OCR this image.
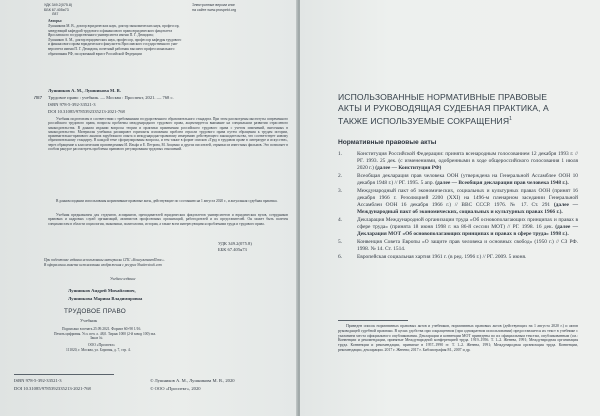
УДК 349.2(075.8)

ББК 67.405я73

Л87

Электронные версии книг

на сайте www.prospekt.org

Авторы:

Лушникова М. В., доктор юридических наук, доктор экономических наук, профессор,

заведующий кафедрой трудового и финансового права юридического факультета

Ярославского государственного университета имени П. Г. Демидова;

Лушников А. М., доктор юридических наук, профессор, профессор кафедры трудового

и финансового права юридического факультета Ярославского государственного уни-

верситета имени П. Г. Демидова, почетный работник высшего профессионального

образования РФ, заслуженный юрист Российской Федерации

Лушников А. М., Лушникова М. В.

Л87 Трудовое право : учебник. — Москва : Проспект, 2021. — 768 с.

ISBN 978-5-392-33521-3

DOI 10.31085/9785392335213-2021-768

Учебник подготовлен в соответствии с требованиями государственного образовательного стандарта. При этом рассмотрены институты современного российского трудового права, вопросы проблемы международного трудового права, акцентируется внимание на специальном развитии отраслевого законодательства. В данном издании вопросы теории и практики применения российского трудового права с учетом изменений, внесенных в законодательство. Материалы учебника расширяют горизонты изложения проблем отрасли трудового права путем обращения к трудам истории, применительно-правового анализа зарубежного опыта и международно-правовому измерению действующего законодательства, что соответствует новому образовательному стандарту. В каждой теме сформулированы вопросы, и тем также в форме списков «Труд в трудовом праве в литературе и искусстве», через обращение к классическим произведениям И. Ильфа и Е. Петрова, М. Зощенко и других писателей, отрывки из известных фильмов. Это позволяет в особом ракурсе рассмотреть проблемы правового регулирования трудовых отношений.

В данном издании использованы нормативные правовые акты, действующие по состоянию на 1 августа 2020 г., и актуальная судебная практика.

Учебник предназначен для студентов, аспирантов, преподавателей юридических факультетов университетов и юридических вузов, сотрудников правовых и кадровых служб организаций, активистов профсоюзных организаций, работодателей и их представителей. Он может быть полезен специалистам в области социологии, экономики, политологии, истории, а также всем интересующимся проблемами труда и трудового права.

УДК 349.2(075.8)

ББК 67.405я73

При подготовке издания использованы материалы СПС «КонсультантПлюс».

В оформлении макета использованы изображения с ресурса Shutterstock.com

Учебное издание

Лушников Андрей Михайлович,

Лушникова Марина Владимировна

ТРУДОВОЕ ПРАВО

Учебник

Подписано в печать 25.09.2021. Формат 60×90 1/16.

Печать цифровая. Усл. печ. л. 48,0. Тираж 1000 (2-й завод 100) экз.

Заказ №

ООО «Проспект»

111020, г. Москва, ул. Боровая, д. 7, стр. 4.

ISBN 978-5-392-33521-3

DOI 10.31085/9785392335213-2021-768

© Лушников А. М., Лушникова М. В., 2020

© ООО «Проспект», 2020

ИСПОЛЬЗОВАННЫЕ НОРМАТИВНЫЕ ПРАВОВЫЕ АКТЫ И РУКОВОДЯЩАЯ СУДЕБНАЯ ПРАКТИКА, А ТАКЖЕ ИСПОЛЬЗУЕМЫЕ СОКРАЩЕНИЯ$^1$

Нормативные правовые акты

1.	Конституция Российской Федерации: принята всенародным голосованием 12 декабря 1993 г. // РГ. 1993. 25 дек. (с изменениями, одобренными в ходе общероссийского голосования 1 июля 2020 г.) (далее — Конституция РФ)
2.	Всеобщая декларация прав человека ООН (утверждена на Генеральной Ассамблее ООН 10 декабря 1948 г.) // РГ. 1995. 5 апр. (далее — Всеобщая декларация прав человека 1948 г.).
3.	Международный пакт об экономических, социальных и культурных правах ООН (принят 16 декабря 1966 г. Резолюцией 2200 (XXI) на 1496-м пленарном заседании Генеральной Ассамблеи ООН 16 декабря 1966 г.) // ВВС СССР. 1976. № 17. Ст. 291 (далее — Международный пакт об экономических, социальных и культурных правах 1966 г.).
4.	Декларация Международной организации труда «Об основополагающих принципах и правах в сфере труда» (принята 18 июня 1998 г. на 86-й сессии МОТ) // РГ. 1998. 16 дек. (далее — Декларация МОТ «Об основополагающих принципах и правах в сфере труда» 1998 г.).
5.	Конвенция Совета Европы «О защите прав человека и основных свобод» (1950 г.) // СЗ РФ. 1998. № 14. Ст. 1514.
6.	Европейская социальная хартия 1961 г. (в ред. 1996 г.) // РГ. 2009. 5 июня.

Приведен список нормативных правовых актов и учебников, нормативных правовых актов (действующих на 1 августа 2020 г.) и актов руководящей судебной практики. В целях удобства при сокращенном (при однократном использовании) предоставляется их текст в учебнике с указанием места официального опубликования. Декларации и конвенции МОТ приведены по их официальным текстам, опубликованным (см.: Конвенции и рекомендации, принятые Международной конференцией труда. 1919–1956. Т. 1–2. Женева, 1991; Международная организация труда. Конвенции и рекомендации, принятые в 1957–1990 гг. Т. 1–2. Женева, 1991; Международная организация труда. Конвенции, рекомендации, декларации. 2017 г. Женева; 2017 г. Библиография М., 2007 и др.
